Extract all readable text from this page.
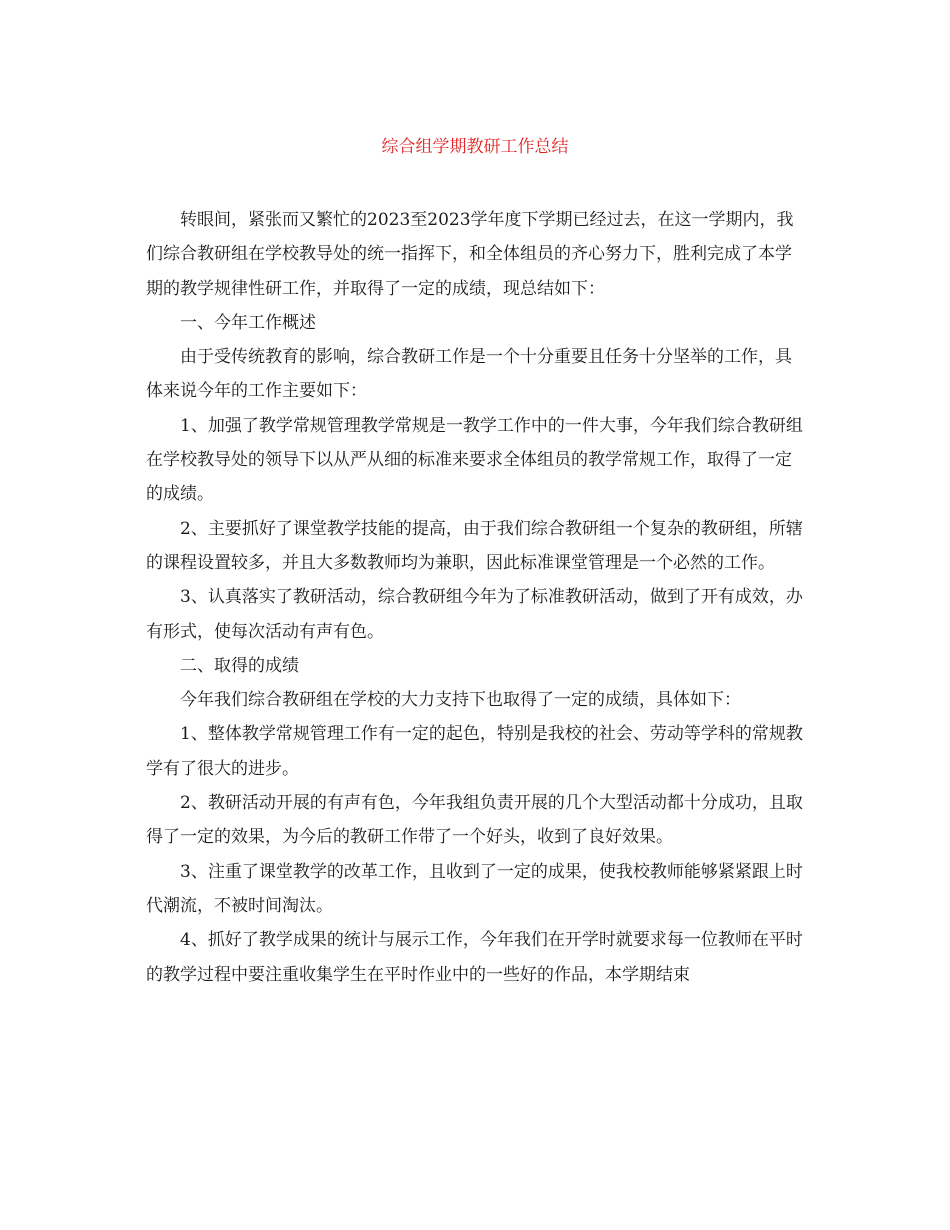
综合组学期教研工作总结

转眼间，紧张而又繁忙的2023至2023学年度下学期已经过去，在这一学期内，我们综合教研组在学校教导处的统一指挥下，和全体组员的齐心努力下，胜利完成了本学期的教学规律性研工作，并取得了一定的成绩，现总结如下：

一、今年工作概述

由于受传统教育的影响，综合教研工作是一个十分重要且任务十分坚举的工作，具体来说今年的工作主要如下：

1、加强了教学常规管理教学常规是一教学工作中的一件大事，今年我们综合教研组在学校教导处的领导下以从严从细的标准来要求全体组员的教学常规工作，取得了一定的成绩。

2、主要抓好了课堂教学技能的提高，由于我们综合教研组一个复杂的教研组，所辖的课程设置较多，并且大多数教师均为兼职，因此标准课堂管理是一个必然的工作。

3、认真落实了教研活动，综合教研组今年为了标准教研活动，做到了开有成效，办有形式，使每次活动有声有色。

二、取得的成绩

今年我们综合教研组在学校的大力支持下也取得了一定的成绩，具体如下：

1、整体教学常规管理工作有一定的起色，特别是我校的社会、劳动等学科的常规教学有了很大的进步。

2、教研活动开展的有声有色，今年我组负责开展的几个大型活动都十分成功，且取得了一定的效果，为今后的教研工作带了一个好头，收到了良好效果。

3、注重了课堂教学的改革工作，且收到了一定的成果，使我校教师能够紧紧跟上时代潮流，不被时间淘汰。

4、抓好了教学成果的统计与展示工作，今年我们在开学时就要求每一位教师在平时的教学过程中要注重收集学生在平时作业中的一些好的作品，本学期结束
